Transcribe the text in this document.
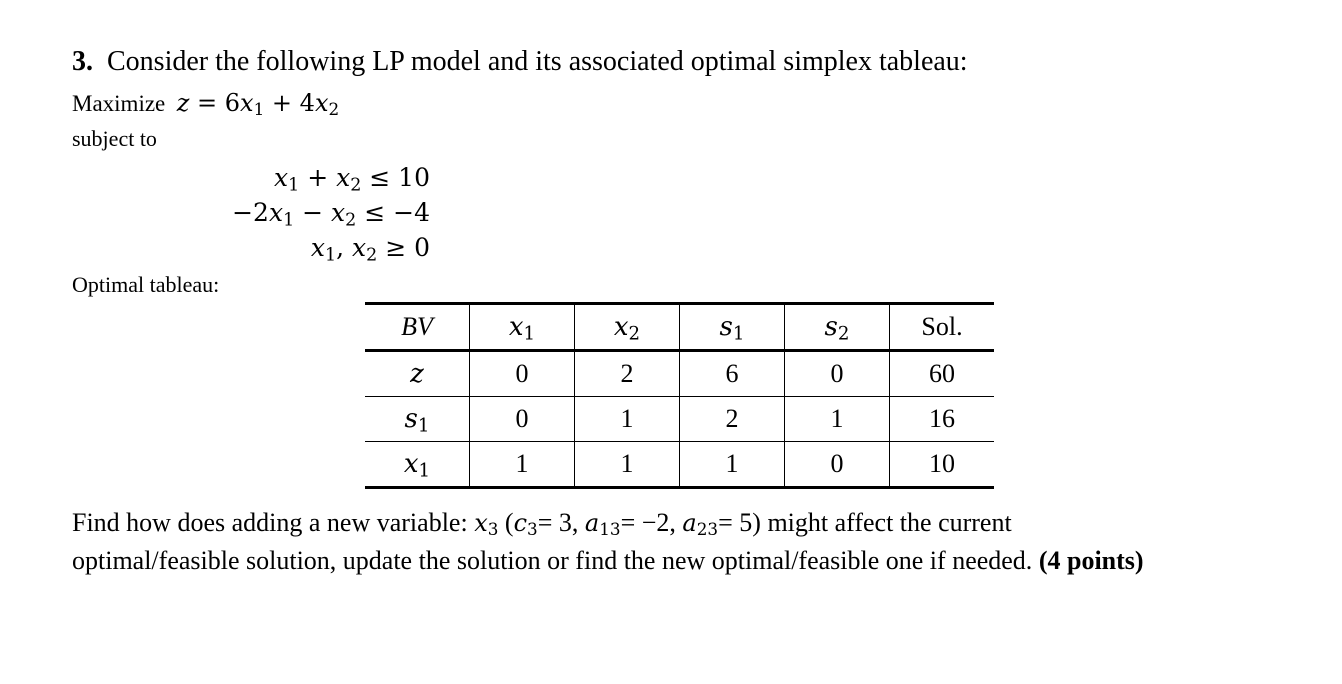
3. Consider the following LP model and its associated optimal simplex tableau:
Maximize $z = 6x_1 + 4x_2$
subject to
$x_1 + x_2 \le 10$
$-2x_1 - x_2 \le -4$
$x_1$, $x_2 \ge 0$
Optimal tableau:
BV	$x_1$	$x_2$	$s_1$	$s_2$	Sol.
z	0	2	6	0	60
$s_1$	0	1	2	1	16
$x_1$	1	1	1	0	10
Find how does adding a new variable: $x_3$ ($c_3= 3$, $a_{13}= -2$, $a_{23}= 5$) might affect the current
optimal/feasible solution, update the solution or find the new optimal/feasible one if needed. (4 points)
